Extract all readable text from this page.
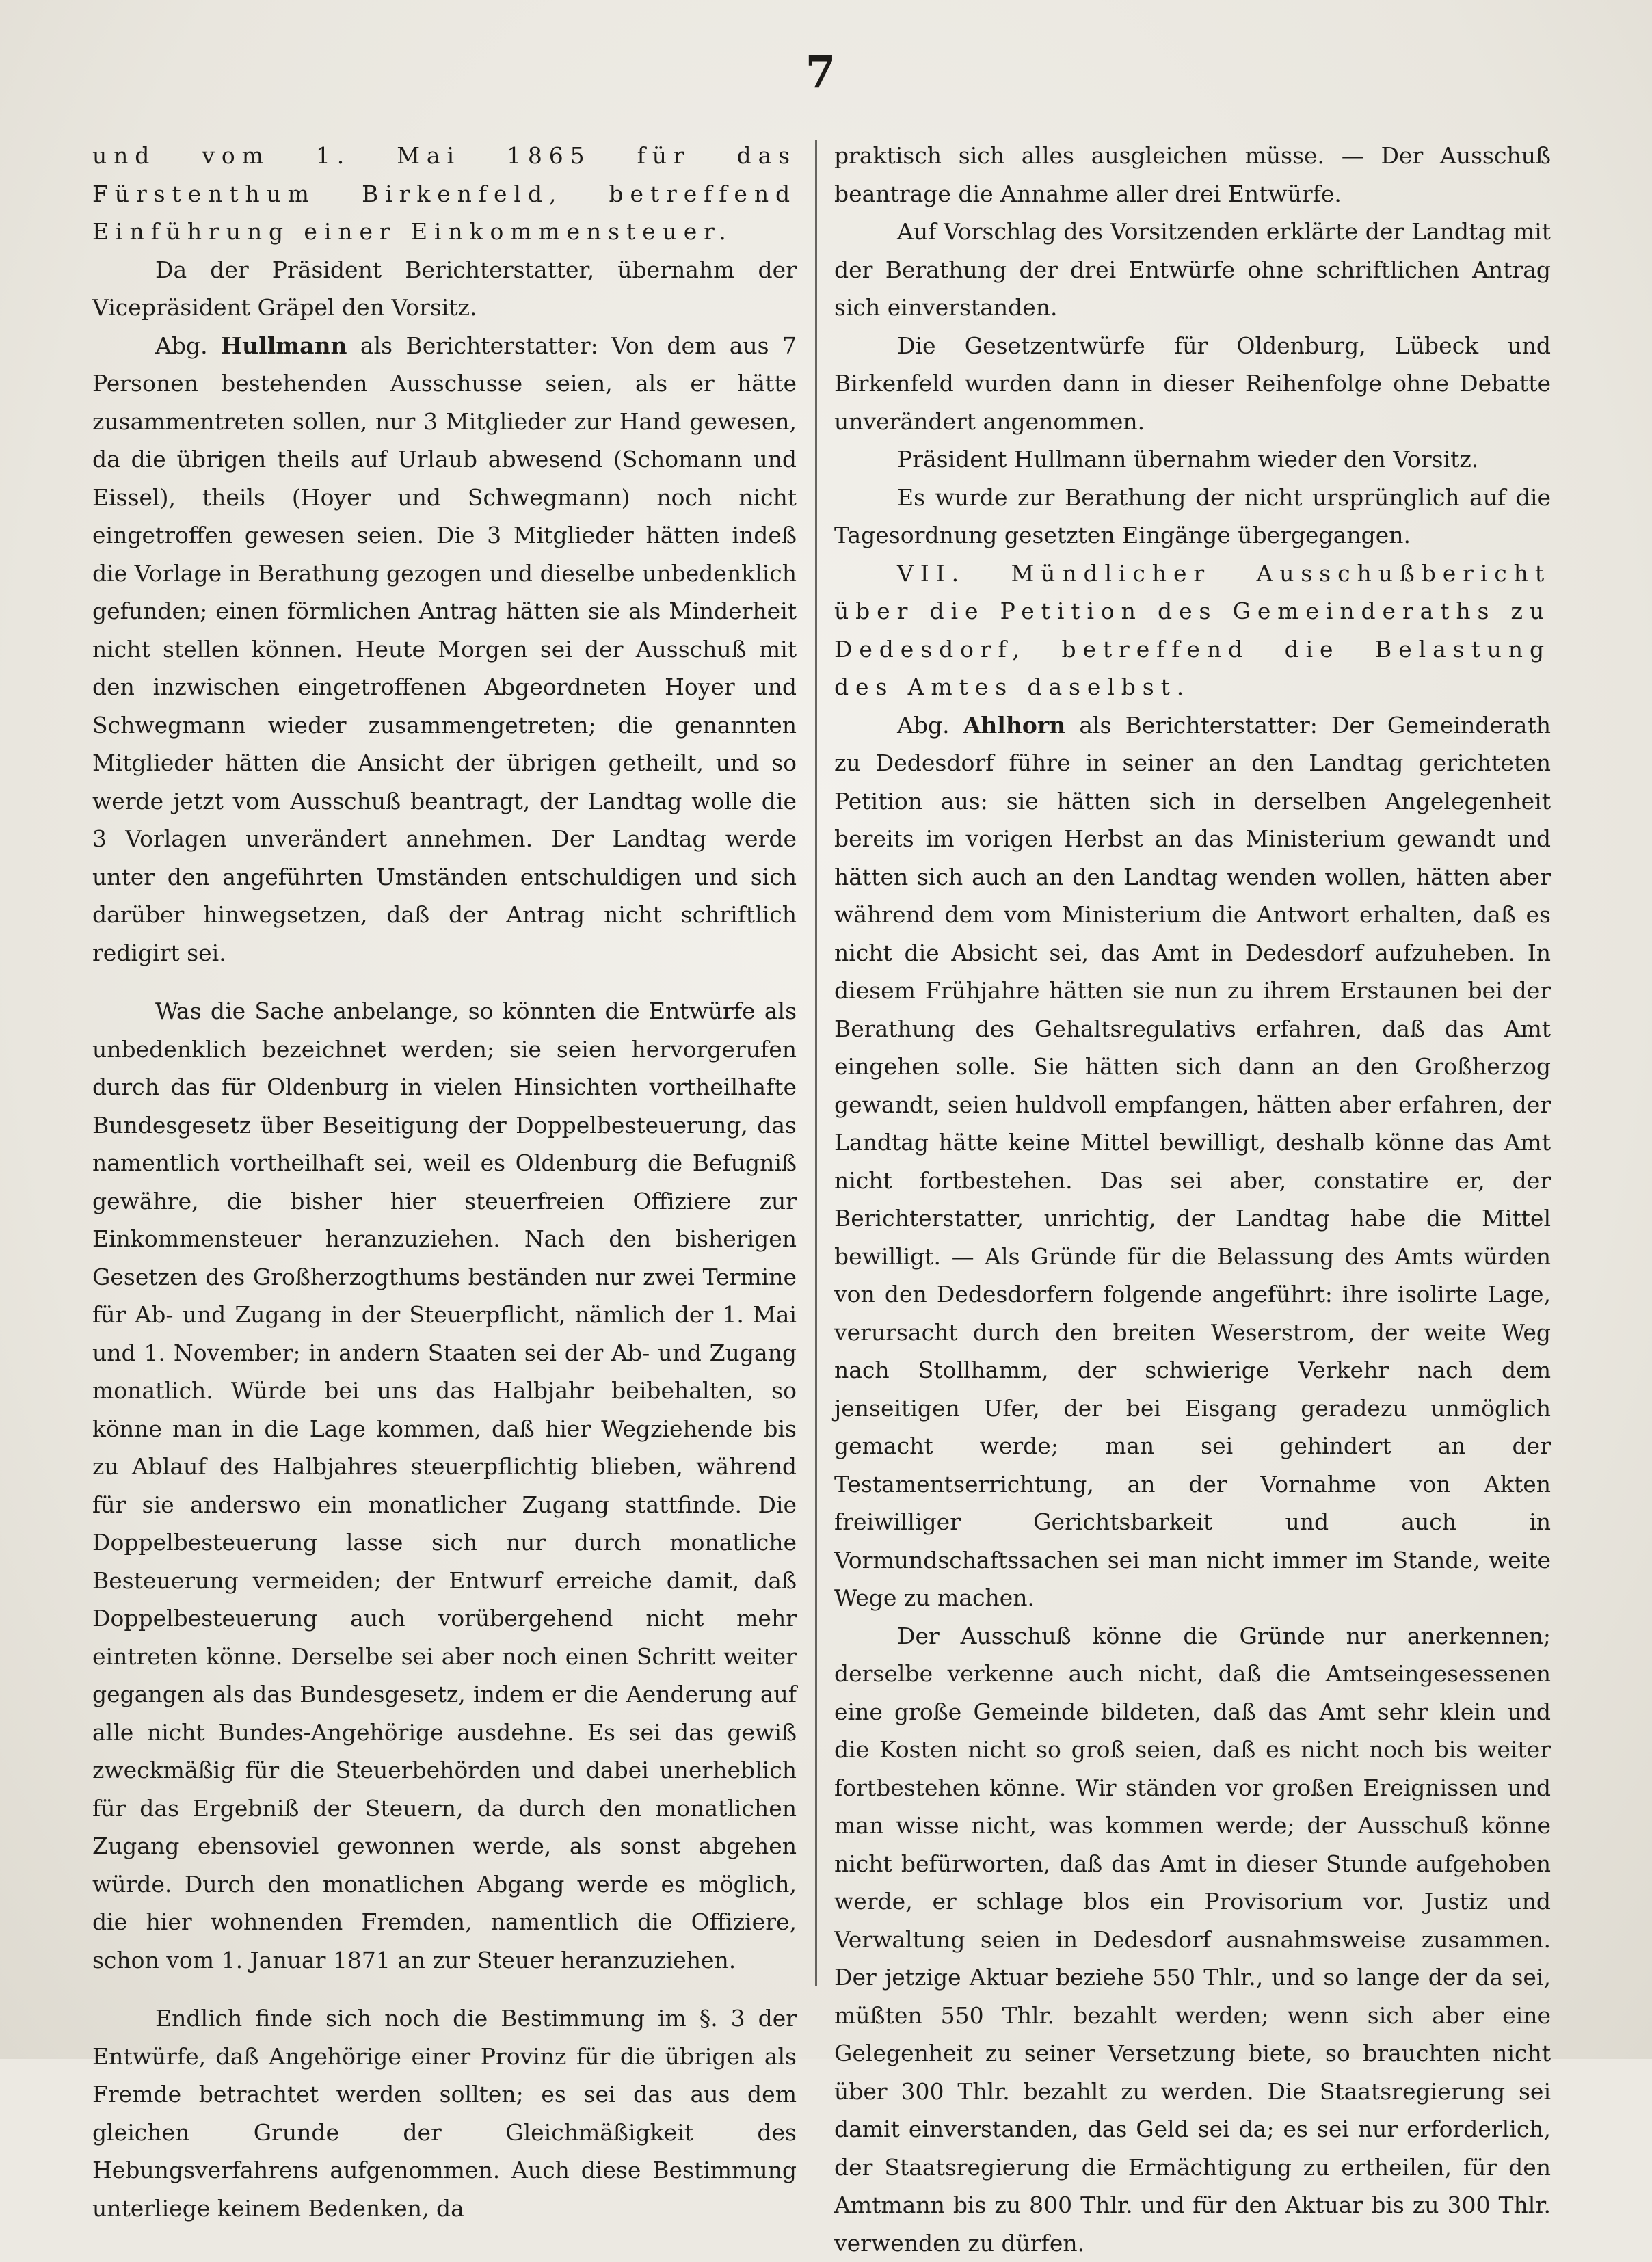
7

und vom 1. Mai 1865 für das Fürstenthum Birkenfeld, betreffend Einführung einer Einkommensteuer.

Da der Präsident Berichterstatter, übernahm der Vicepräsident Gräpel den Vorsitz.

Abg. Hullmann als Berichterstatter: Von dem aus 7 Personen bestehenden Ausschusse seien, als er hätte zusammentreten sollen, nur 3 Mitglieder zur Hand gewesen, da die übrigen theils auf Urlaub abwesend (Schomann und Eissel), theils (Hoyer und Schwegmann) noch nicht eingetroffen gewesen seien. Die 3 Mitglieder hätten indeß die Vorlage in Berathung gezogen und dieselbe unbedenklich gefunden; einen förmlichen Antrag hätten sie als Minderheit nicht stellen können. Heute Morgen sei der Ausschuß mit den inzwischen eingetroffenen Abgeordneten Hoyer und Schwegmann wieder zusammengetreten; die genannten Mitglieder hätten die Ansicht der übrigen getheilt, und so werde jetzt vom Ausschuß beantragt, der Landtag wolle die 3 Vorlagen unverändert annehmen. Der Landtag werde unter den angeführten Umständen entschuldigen und sich darüber hinwegsetzen, daß der Antrag nicht schriftlich redigirt sei.

Was die Sache anbelange, so könnten die Entwürfe als unbedenklich bezeichnet werden; sie seien hervorgerufen durch das für Oldenburg in vielen Hinsichten vortheilhafte Bundesgesetz über Beseitigung der Doppelbesteuerung, das namentlich vortheilhaft sei, weil es Oldenburg die Befugniß gewähre, die bisher hier steuerfreien Offiziere zur Einkommensteuer heranzuziehen. Nach den bisherigen Gesetzen des Großherzogthums beständen nur zwei Termine für Ab- und Zugang in der Steuerpflicht, nämlich der 1. Mai und 1. November; in andern Staaten sei der Ab- und Zugang monatlich. Würde bei uns das Halbjahr beibehalten, so könne man in die Lage kommen, daß hier Wegziehende bis zu Ablauf des Halbjahres steuerpflichtig blieben, während für sie anderswo ein monatlicher Zugang stattfinde. Die Doppelbesteuerung lasse sich nur durch monatliche Besteuerung vermeiden; der Entwurf erreiche damit, daß Doppelbesteuerung auch vorübergehend nicht mehr eintreten könne. Derselbe sei aber noch einen Schritt weiter gegangen als das Bundesgesetz, indem er die Aenderung auf alle nicht Bundes-Angehörige ausdehne. Es sei das gewiß zweckmäßig für die Steuerbehörden und dabei unerheblich für das Ergebniß der Steuern, da durch den monatlichen Zugang ebensoviel gewonnen werde, als sonst abgehen würde. Durch den monatlichen Abgang werde es möglich, die hier wohnenden Fremden, namentlich die Offiziere, schon vom 1. Januar 1871 an zur Steuer heranzuziehen.

Endlich finde sich noch die Bestimmung im §. 3 der Entwürfe, daß Angehörige einer Provinz für die übrigen als Fremde betrachtet werden sollten; es sei das aus dem gleichen Grunde der Gleichmäßigkeit des Hebungsverfahrens aufgenommen. Auch diese Bestimmung unterliege keinem Bedenken, da

praktisch sich alles ausgleichen müsse. — Der Ausschuß beantrage die Annahme aller drei Entwürfe.

Auf Vorschlag des Vorsitzenden erklärte der Landtag mit der Berathung der drei Entwürfe ohne schriftlichen Antrag sich einverstanden.

Die Gesetzentwürfe für Oldenburg, Lübeck und Birkenfeld wurden dann in dieser Reihenfolge ohne Debatte unverändert angenommen.

Präsident Hullmann übernahm wieder den Vorsitz.

Es wurde zur Berathung der nicht ursprünglich auf die Tagesordnung gesetzten Eingänge übergegangen.

VII. Mündlicher Ausschußbericht über die Petition des Gemeinderaths zu Dedesdorf, betreffend die Belastung des Amtes daselbst.

Abg. Ahlhorn als Berichterstatter: Der Gemeinderath zu Dedesdorf führe in seiner an den Landtag gerichteten Petition aus: sie hätten sich in derselben Angelegenheit bereits im vorigen Herbst an das Ministerium gewandt und hätten sich auch an den Landtag wenden wollen, hätten aber während dem vom Ministerium die Antwort erhalten, daß es nicht die Absicht sei, das Amt in Dedesdorf aufzuheben. In diesem Frühjahre hätten sie nun zu ihrem Erstaunen bei der Berathung des Gehaltsregulativs erfahren, daß das Amt eingehen solle. Sie hätten sich dann an den Großherzog gewandt, seien huldvoll empfangen, hätten aber erfahren, der Landtag hätte keine Mittel bewilligt, deshalb könne das Amt nicht fortbestehen. Das sei aber, constatire er, der Berichterstatter, unrichtig, der Landtag habe die Mittel bewilligt. — Als Gründe für die Belassung des Amts würden von den Dedesdorfern folgende angeführt: ihre isolirte Lage, verursacht durch den breiten Weserstrom, der weite Weg nach Stollhamm, der schwierige Verkehr nach dem jenseitigen Ufer, der bei Eisgang geradezu unmöglich gemacht werde; man sei gehindert an der Testamentserrichtung, an der Vornahme von Akten freiwilliger Gerichtsbarkeit und auch in Vormundschaftssachen sei man nicht immer im Stande, weite Wege zu machen.

Der Ausschuß könne die Gründe nur anerkennen; derselbe verkenne auch nicht, daß die Amtseingesessenen eine große Gemeinde bildeten, daß das Amt sehr klein und die Kosten nicht so groß seien, daß es nicht noch bis weiter fortbestehen könne. Wir ständen vor großen Ereignissen und man wisse nicht, was kommen werde; der Ausschuß könne nicht befürworten, daß das Amt in dieser Stunde aufgehoben werde, er schlage blos ein Provisorium vor. Justiz und Verwaltung seien in Dedesdorf ausnahmsweise zusammen. Der jetzige Aktuar beziehe 550 Thlr., und so lange der da sei, müßten 550 Thlr. bezahlt werden; wenn sich aber eine Gelegenheit zu seiner Versetzung biete, so brauchten nicht über 300 Thlr. bezahlt zu werden. Die Staatsregierung sei damit einverstanden, das Geld sei da; es sei nur erforderlich, der Staatsregierung die Ermächtigung zu ertheilen, für den Amtmann bis zu 800 Thlr. und für den Aktuar bis zu 300 Thlr. verwenden zu dürfen.
